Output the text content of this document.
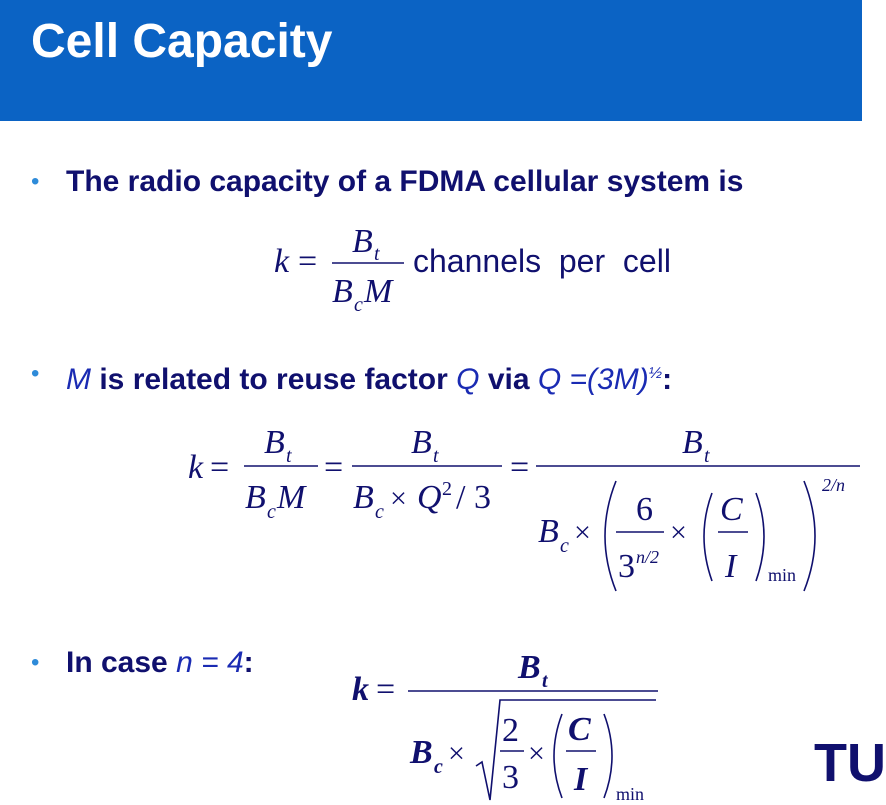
Cell Capacity
• The radio capacity of a FDMA cellular system is
k =
B t
B c M
channels  per  cell
• M is related to reuse factor Q via $Q =(3M)^{\frac{1}{2}}$:
k =
B t
B c M
=
B t
B c × Q 2 / 3
=
B t
B c ×
6
3 n/2
×
C
I min
2/n
• In case n = 4:
k =
B t
B c ×
2
3
×
C
I min
TU
